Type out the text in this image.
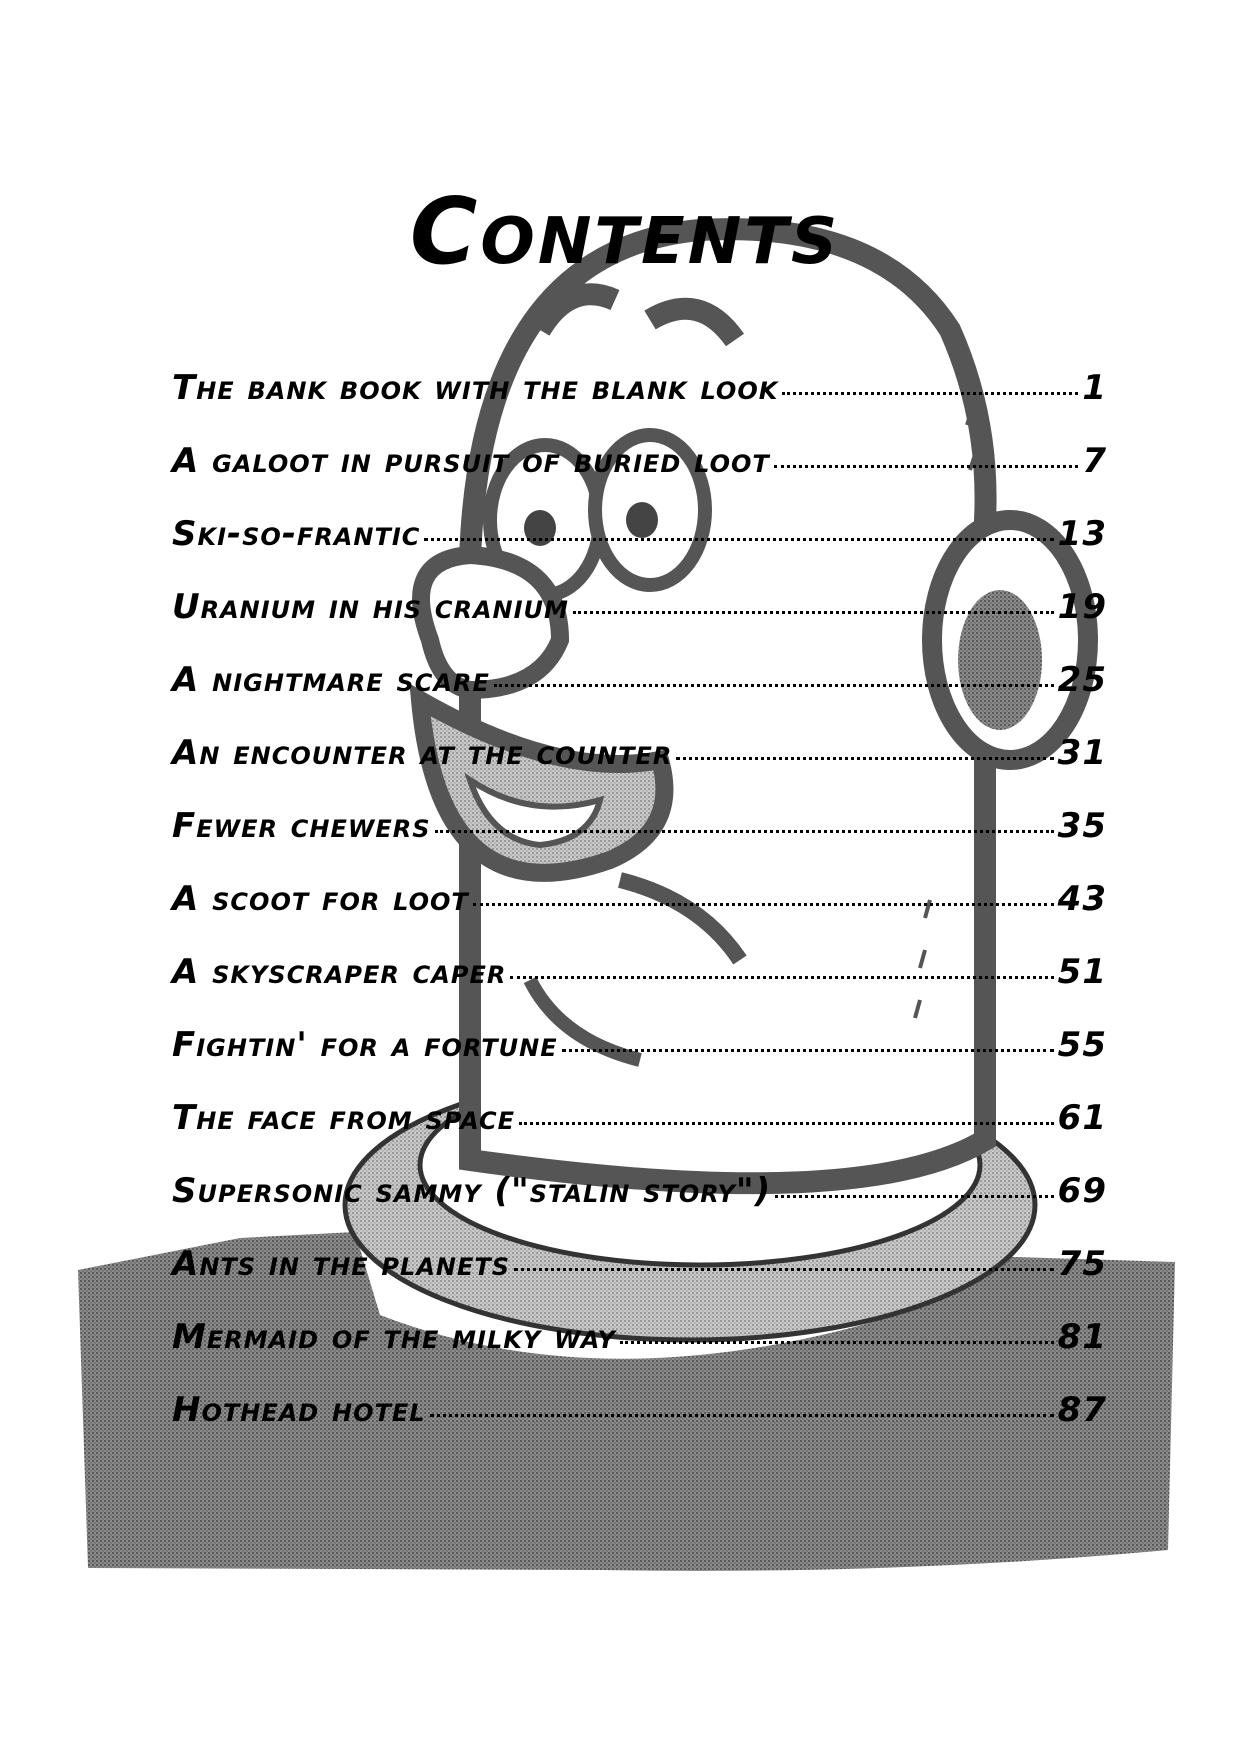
Contents
The bank book with the blank look	1
A galoot in pursuit of buried loot	7
Ski-so-frantic	13
Uranium in his cranium	19
A nightmare scare	25
An encounter at the counter	31
Fewer chewers	35
A scoot for loot	43
A skyscraper caper	51
Fightin' for a fortune	55
The face from space	61
Supersonic sammy ("stalin story")	69
Ants in the planets	75
Mermaid of the milky way	81
Hothead hotel	87
